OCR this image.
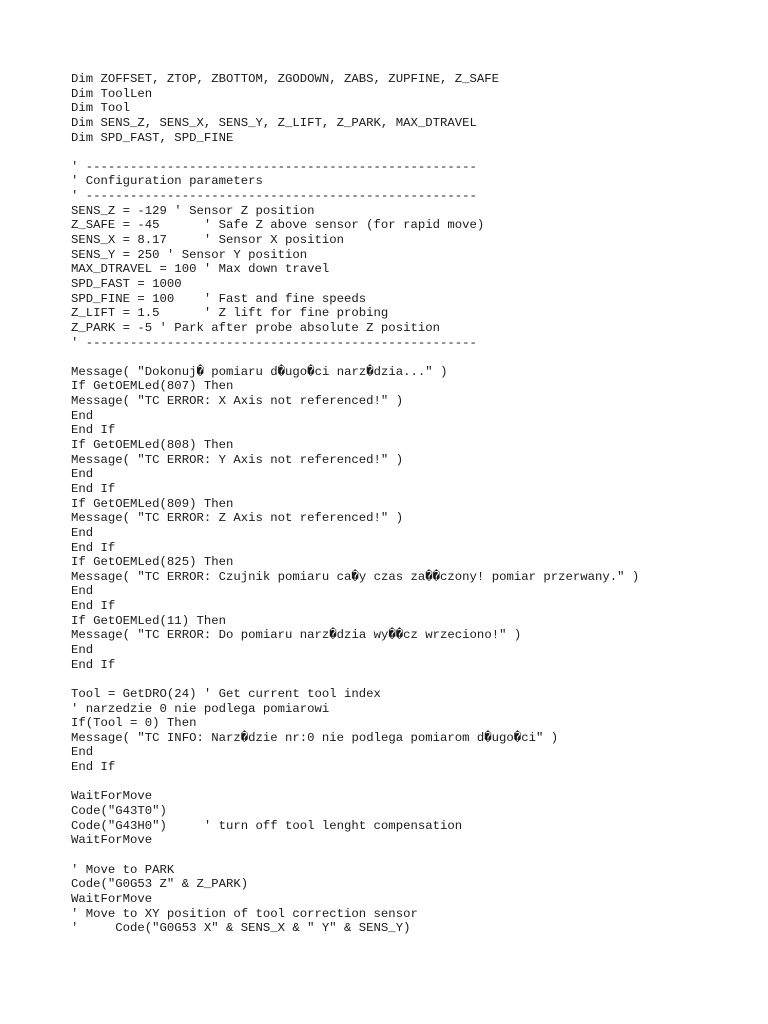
Dim ZOFFSET, ZTOP, ZBOTTOM, ZGODOWN, ZABS, ZUPFINE, Z_SAFE
Dim ToolLen
Dim Tool
Dim SENS_Z, SENS_X, SENS_Y, Z_LIFT, Z_PARK, MAX_DTRAVEL
Dim SPD_FAST, SPD_FINE
' -----------------------------------------------------
' Configuration parameters
' -----------------------------------------------------
SENS_Z = -129 ' Sensor Z position
Z_SAFE = -45      ' Safe Z above sensor (for rapid move)
SENS_X = 8.17     ' Sensor X position
SENS_Y = 250 ' Sensor Y position
MAX_DTRAVEL = 100 ' Max down travel
SPD_FAST = 1000
SPD_FINE = 100    ' Fast and fine speeds
Z_LIFT = 1.5      ' Z lift for fine probing
Z_PARK = -5 ' Park after probe absolute Z position
' -----------------------------------------------------
Message( "Dokonuj� pomiaru d�ugo�ci narz�dzia..." )
If GetOEMLed(807) Then
Message( "TC ERROR: X Axis not referenced!" )
End
End If
If GetOEMLed(808) Then
Message( "TC ERROR: Y Axis not referenced!" )
End
End If
If GetOEMLed(809) Then
Message( "TC ERROR: Z Axis not referenced!" )
End
End If
If GetOEMLed(825) Then
Message( "TC ERROR: Czujnik pomiaru ca�y czas za��czony! pomiar przerwany." )
End
End If
If GetOEMLed(11) Then
Message( "TC ERROR: Do pomiaru narz�dzia wy��cz wrzeciono!" )
End
End If
Tool = GetDRO(24) ' Get current tool index
' narzedzie 0 nie podlega pomiarowi
If(Tool = 0) Then
Message( "TC INFO: Narz�dzie nr:0 nie podlega pomiarom d�ugo�ci" )
End
End If
WaitForMove
Code("G43T0")
Code("G43H0")     ' turn off tool lenght compensation
WaitForMove
' Move to PARK
Code("G0G53 Z" & Z_PARK)
WaitForMove
' Move to XY position of tool correction sensor
'     Code("G0G53 X" & SENS_X & " Y" & SENS_Y)
